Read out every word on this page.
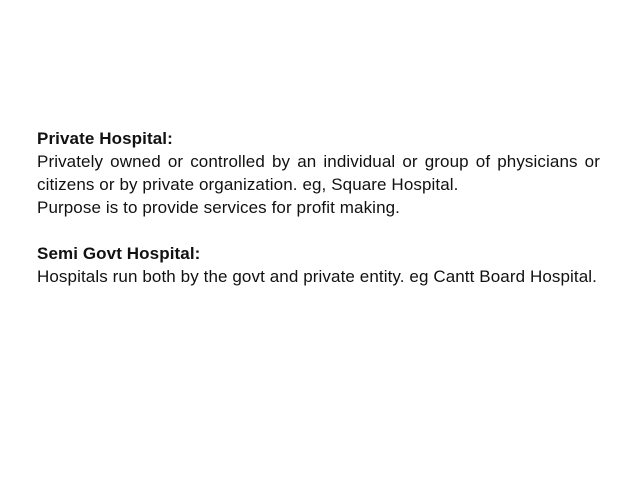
Private Hospital:
Privately owned or controlled by an individual or group of physicians or citizens or by private organization. eg, Square Hospital.
Purpose is to provide services for profit making.
Semi Govt Hospital:
Hospitals run both by the govt and private entity. eg Cantt Board Hospital.
